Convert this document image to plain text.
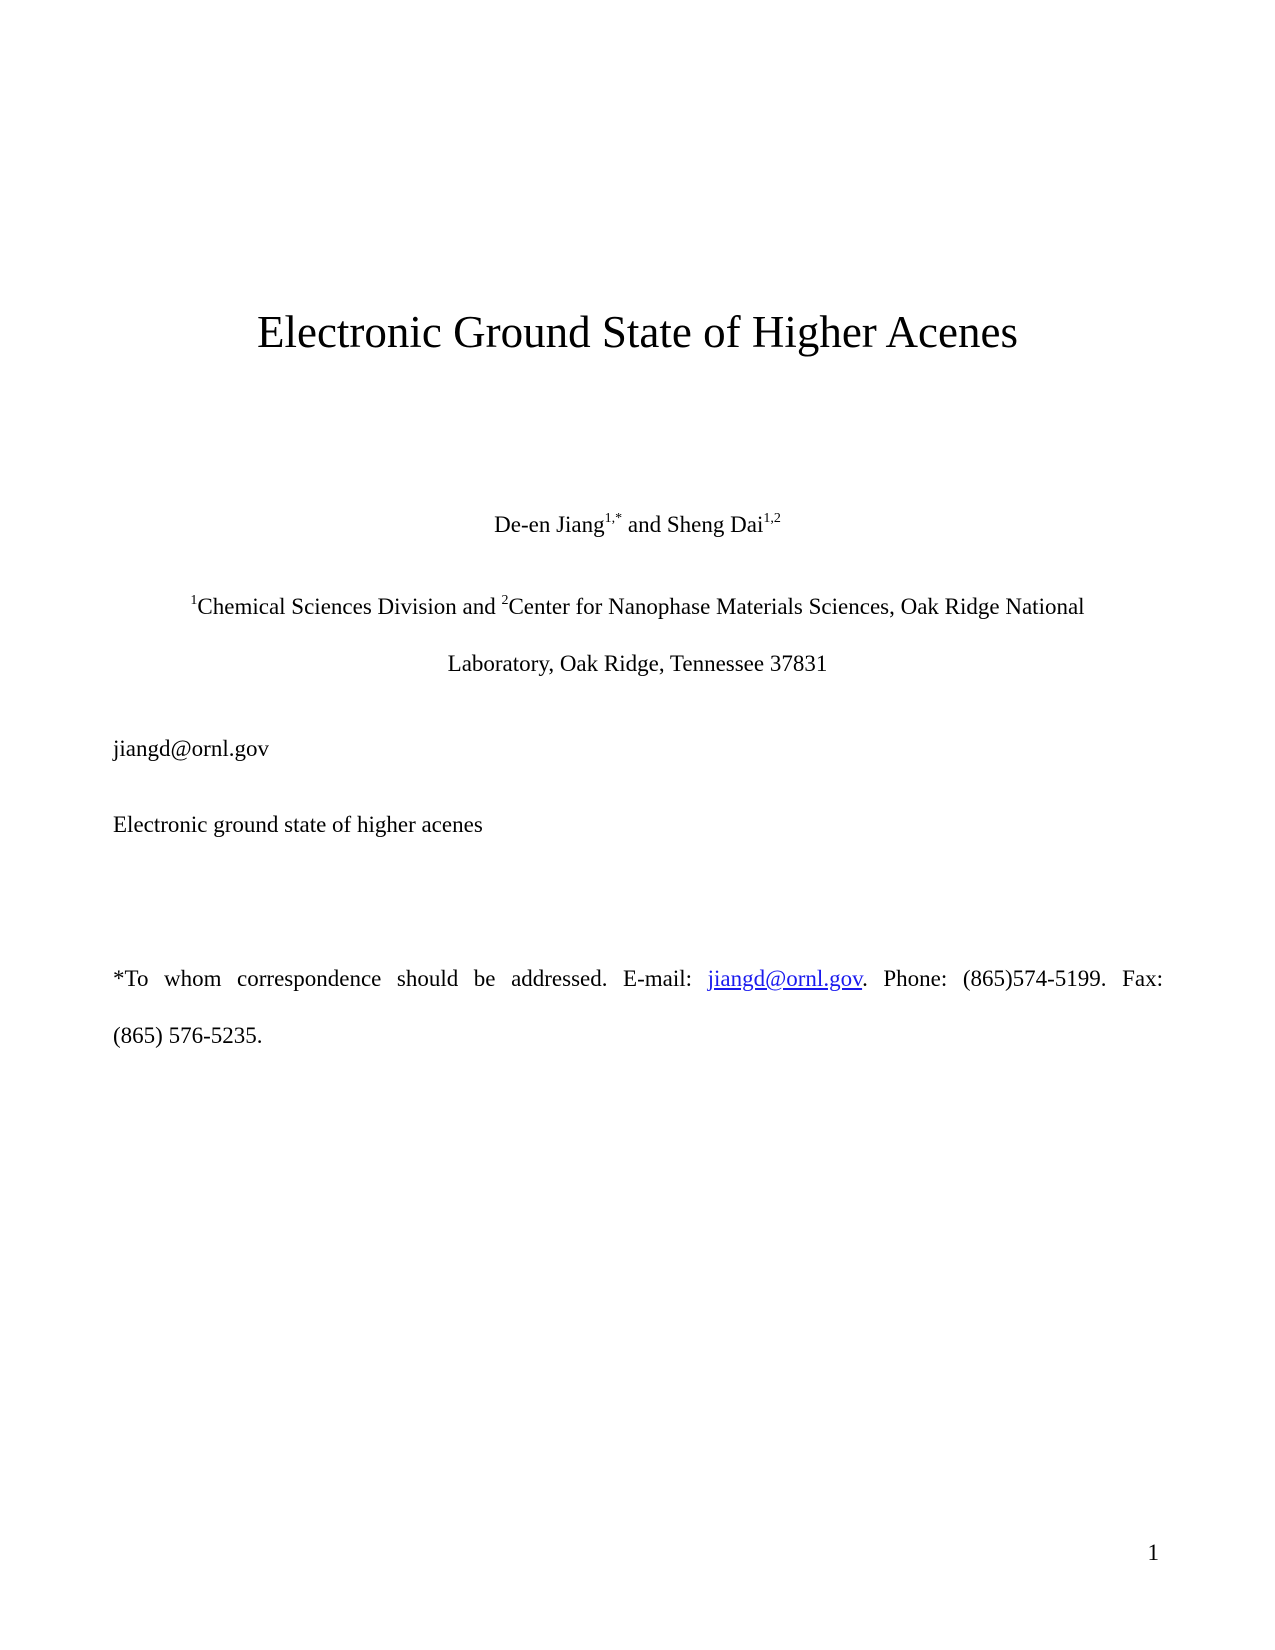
Electronic Ground State of Higher Acenes
De-en Jiang$^{1,*}$ and Sheng Dai$^{1,2}$
$^1$Chemical Sciences Division and $^2$Center for Nanophase Materials Sciences, Oak Ridge National
Laboratory, Oak Ridge, Tennessee 37831
jiangd@ornl.gov
Electronic ground state of higher acenes
*To whom correspondence should be addressed. E-mail: jiangd@ornl.gov. Phone: (865)574-5199. Fax:
(865) 576-5235.
1
